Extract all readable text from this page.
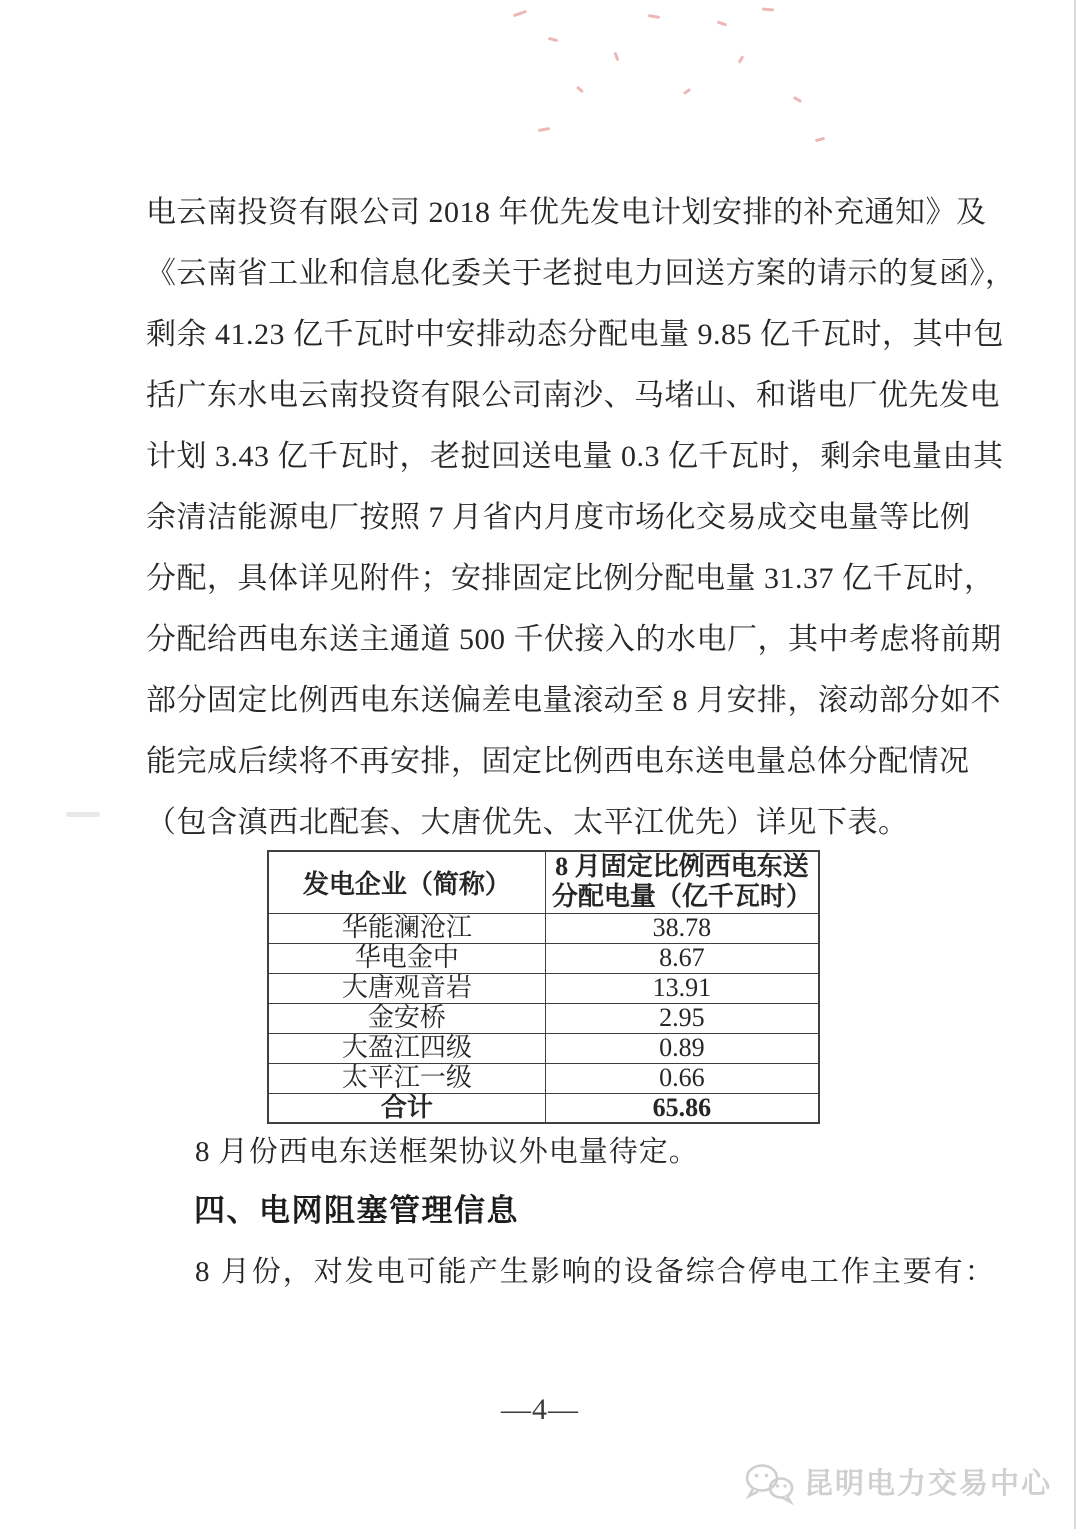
电云南投资有限公司 2018 年优先发电计划安排的补充通知》及
《云南省工业和信息化委关于老挝电力回送方案的请示的复函》，
剩余 41.23 亿千瓦时中安排动态分配电量 9.85 亿千瓦时，其中包
括广东水电云南投资有限公司南沙、马堵山、和谐电厂优先发电
计划 3.43 亿千瓦时，老挝回送电量 0.3 亿千瓦时，剩余电量由其
余清洁能源电厂按照 7 月省内月度市场化交易成交电量等比例
分配，具体详见附件；安排固定比例分配电量 31.37 亿千瓦时，
分配给西电东送主通道 500 千伏接入的水电厂，其中考虑将前期
部分固定比例西电东送偏差电量滚动至 8 月安排，滚动部分如不
能完成后续将不再安排，固定比例西电东送电量总体分配情况
（包含滇西北配套、大唐优先、太平江优先）详见下表。
发电企业（简称）	8 月固定比例西电东送
分配电量（亿千瓦时）

华能澜沧江	38.78
华电金中	8.67
大唐观音岩	13.91
金安桥	2.95
大盈江四级	0.89
太平江一级	0.66
合计	65.86
8 月份西电东送框架协议外电量待定。
四、电网阻塞管理信息
8 月份，对发电可能产生影响的设备综合停电工作主要有：
—4—
昆明电力交易中心
